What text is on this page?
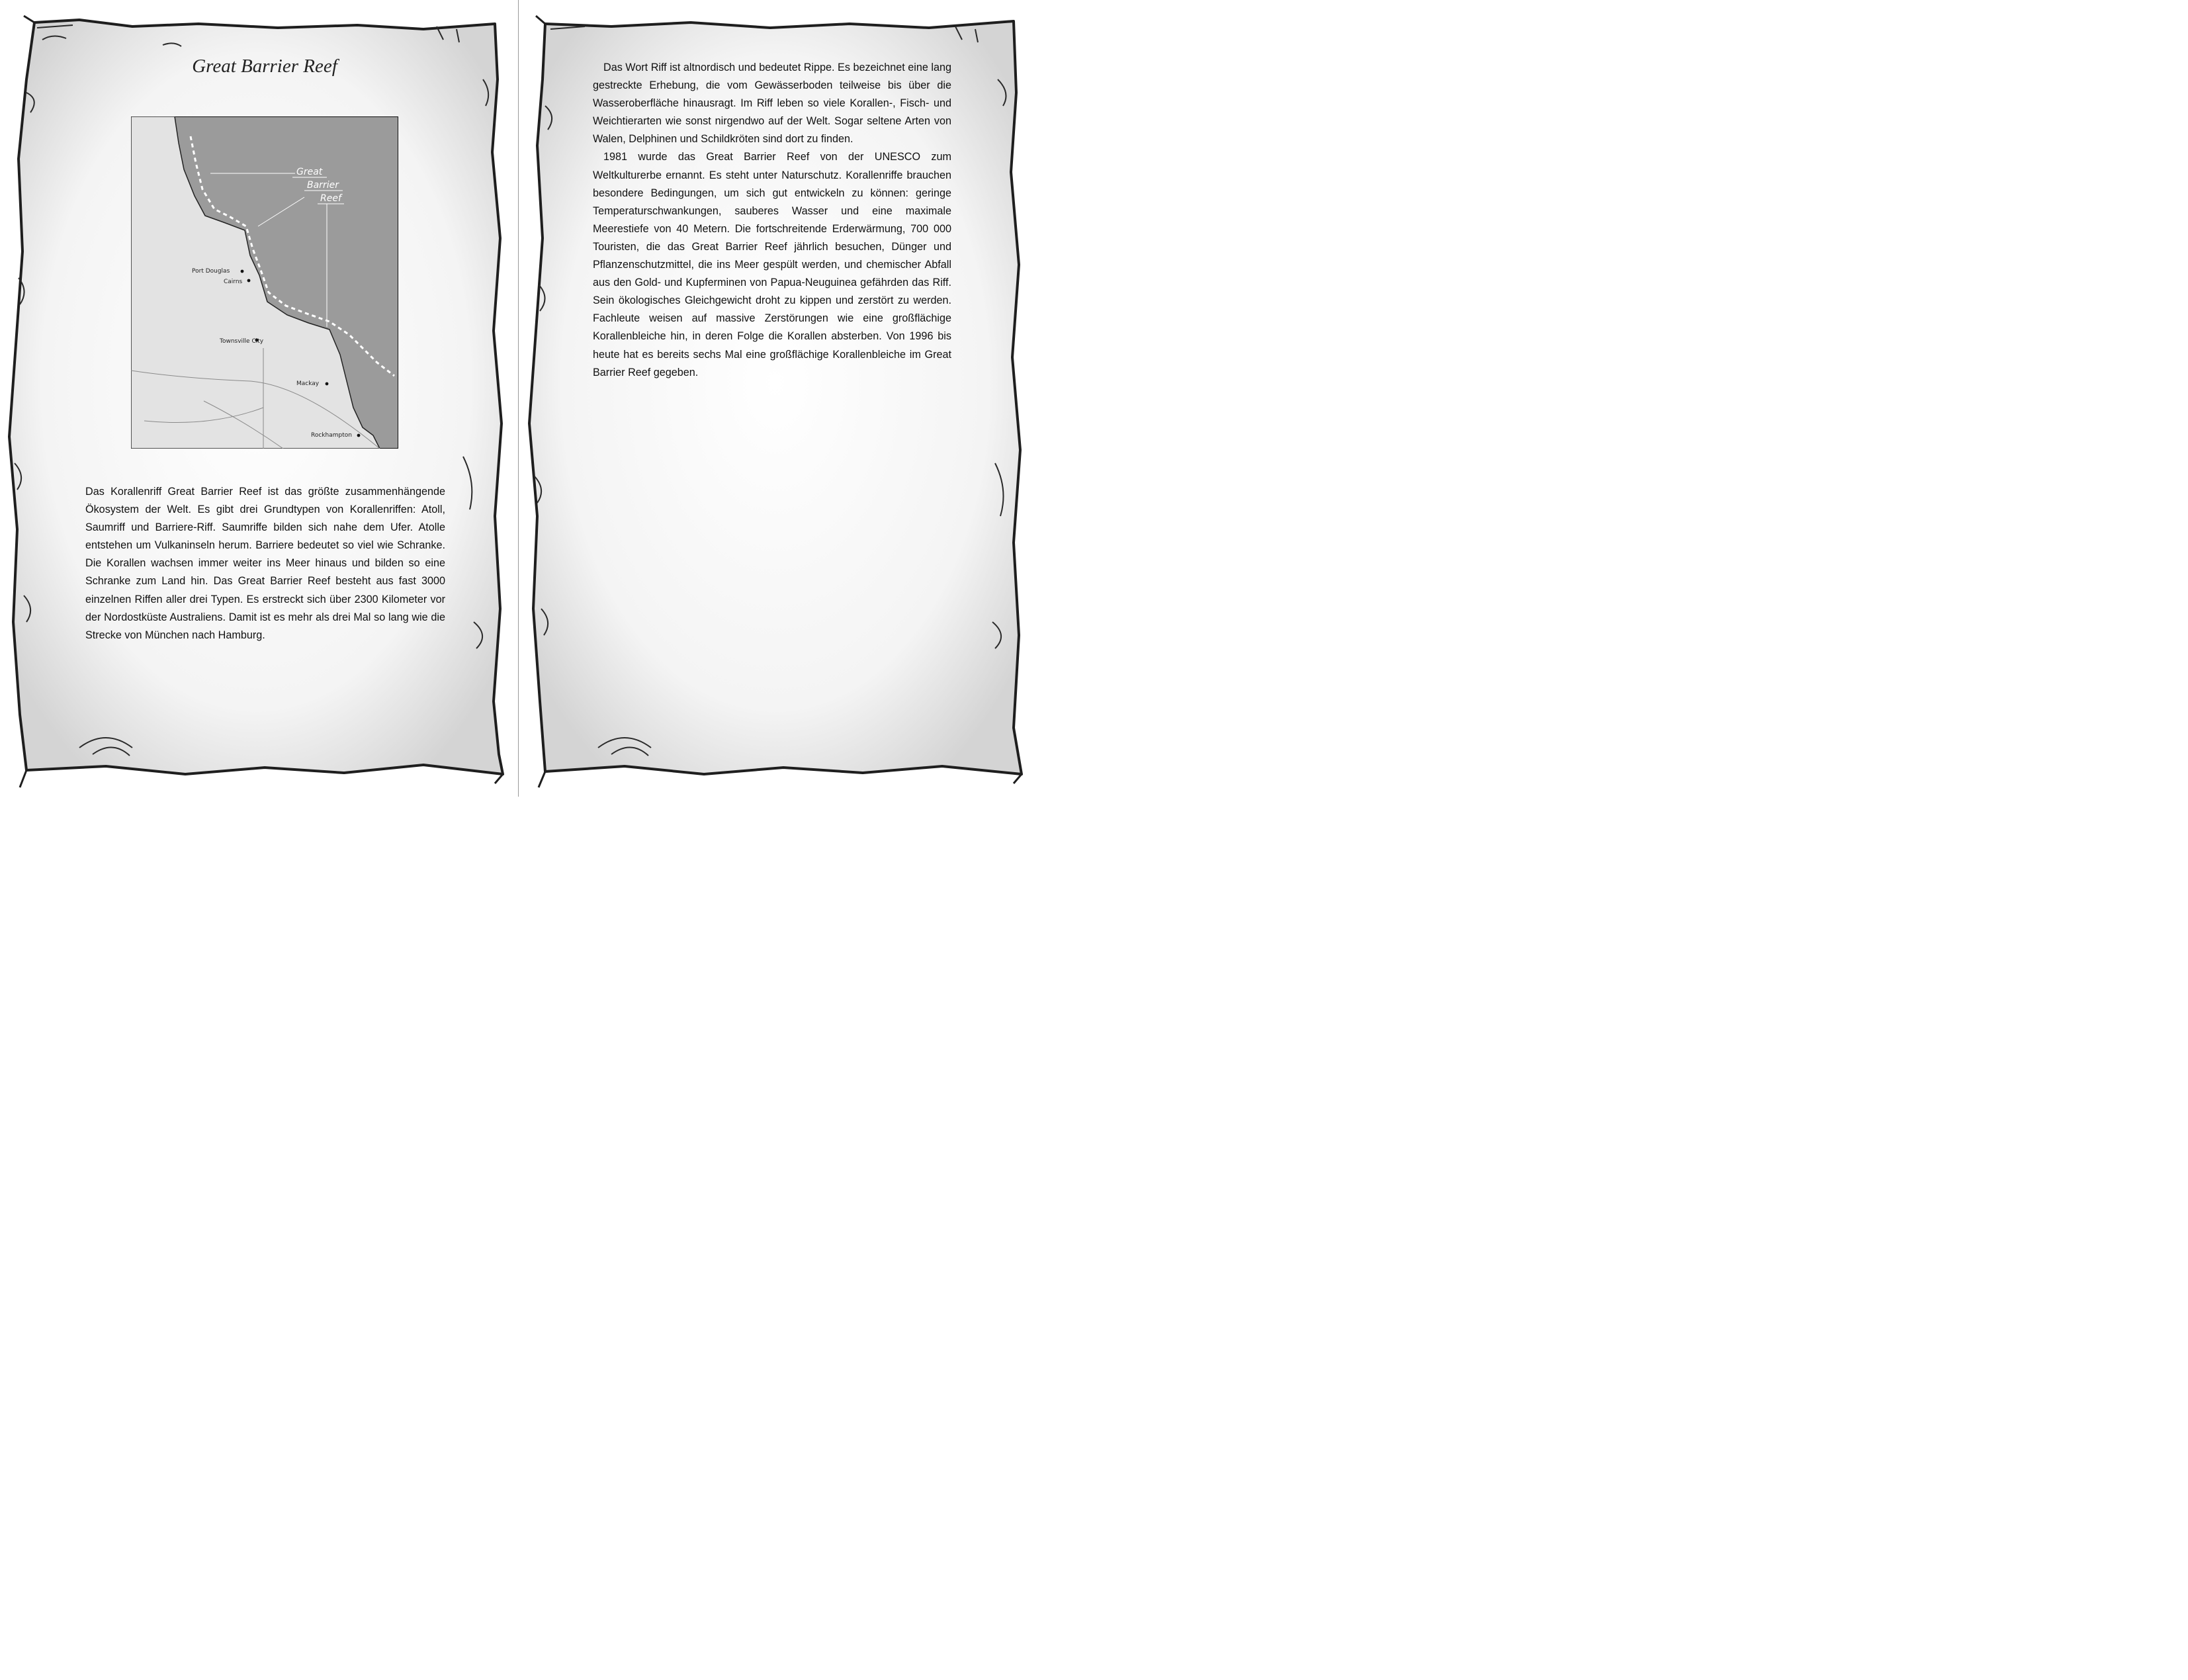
Great Barrier Reef
Great
Barrier
Reef
Port Douglas
Cairns
Townsville City
Mackay
Rockhampton

Das Korallenriff Great Barrier Reef ist das größte zusammenhängende Ökosystem der Welt. Es gibt drei Grundtypen von Korallenriffen: Atoll, Saumriff und Barriere-Riff. Saumriffe bilden sich nahe dem Ufer. Atolle entstehen um Vulkaninseln herum. Barriere bedeutet so viel wie Schranke. Die Korallen wachsen immer weiter ins Meer hinaus und bilden so eine Schranke zum Land hin. Das Great Barrier Reef besteht aus fast 3000 einzelnen Riffen aller drei Typen. Es erstreckt sich über 2300 Kilometer vor der Nordostküste Australiens. Damit ist es mehr als drei Mal so lang wie die Strecke von München nach Hamburg.

Das Wort Riff ist altnordisch und bedeutet Rippe. Es bezeichnet eine lang gestreckte Erhebung, die vom Gewässerboden teilweise bis über die Wasseroberfläche hinausragt. Im Riff leben so viele Korallen-, Fisch- und Weichtierarten wie sonst nirgendwo auf der Welt. Sogar seltene Arten von Walen, Delphinen und Schildkröten sind dort zu finden.

1981 wurde das Great Barrier Reef von der UNESCO zum Weltkulturerbe ernannt. Es steht unter Naturschutz. Korallenriffe brauchen besondere Bedingungen, um sich gut entwickeln zu können: geringe Temperaturschwankungen, sauberes Wasser und eine maximale Meerestiefe von 40 Metern. Die fortschreitende Erderwärmung, 700 000 Touristen, die das Great Barrier Reef jährlich besuchen, Dünger und Pflanzenschutzmittel, die ins Meer gespült werden, und chemischer Abfall aus den Gold- und Kupferminen von Papua-Neuguinea gefährden das Riff. Sein ökologisches Gleichgewicht droht zu kippen und zerstört zu werden. Fachleute weisen auf massive Zerstörungen wie eine großflächige Korallenbleiche hin, in deren Folge die Korallen absterben. Von 1996 bis heute hat es bereits sechs Mal eine großflächige Korallenbleiche im Great Barrier Reef gegeben.
